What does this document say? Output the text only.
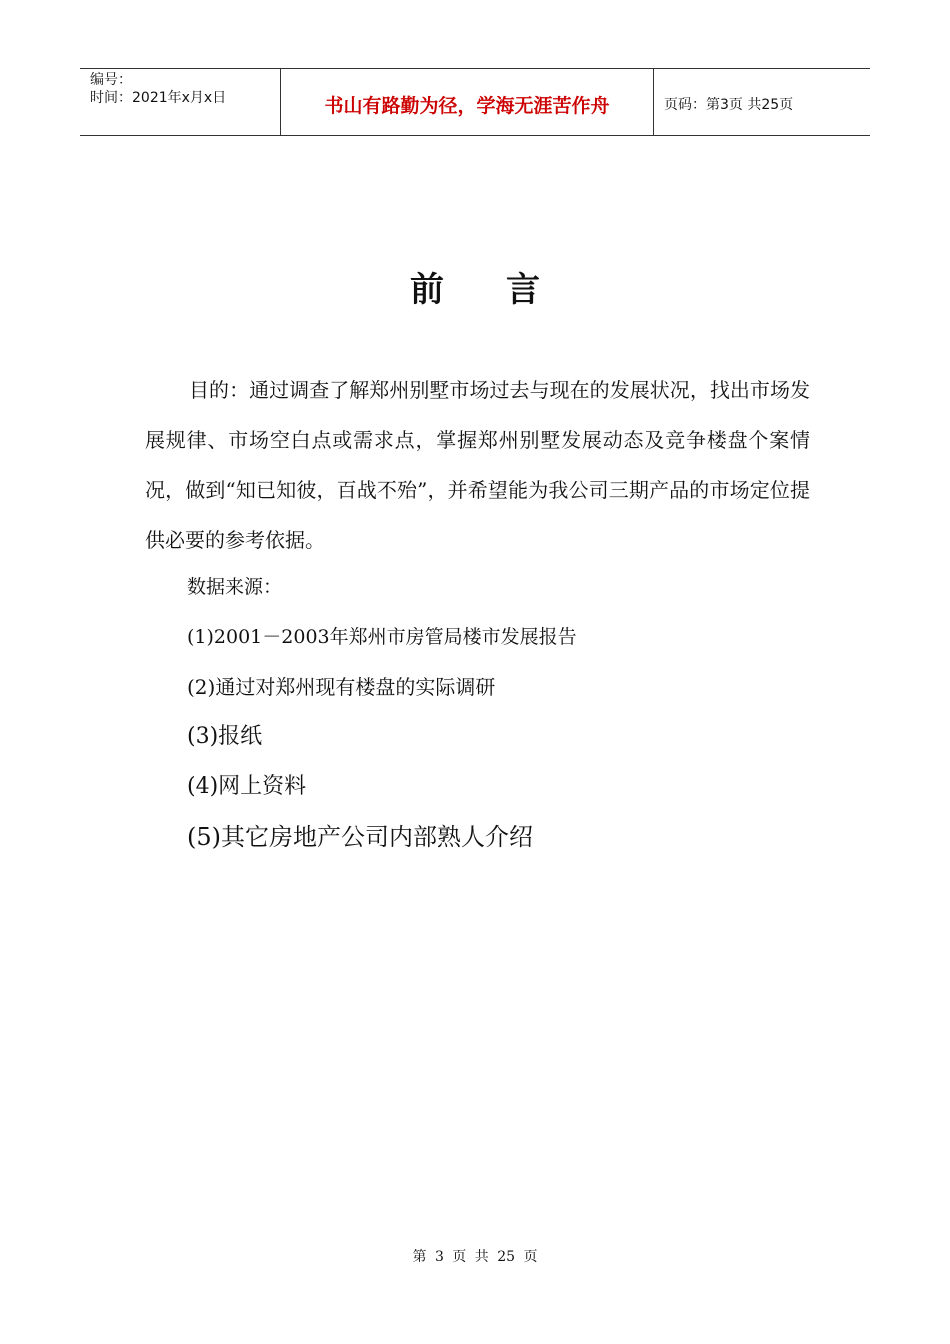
编号：
时间：2021年x月x日	书山有路勤为径，学海无涯苦作舟	页码：第3页 共25页
前言
目的：通过调查了解郑州别墅市场过去与现在的发展状况，找出市场发展规律、市场空白点或需求点，掌握郑州别墅发展动态及竞争楼盘个案情况，做到“知已知彼，百战不殆”，并希望能为我公司三期产品的市场定位提供必要的参考依据。
数据来源：
(1)2001－2003年郑州市房管局楼市发展报告
(2)通过对郑州现有楼盘的实际调研
(3)报纸
(4)网上资料
(5)其它房地产公司内部熟人介绍
第 3 页 共 25 页
